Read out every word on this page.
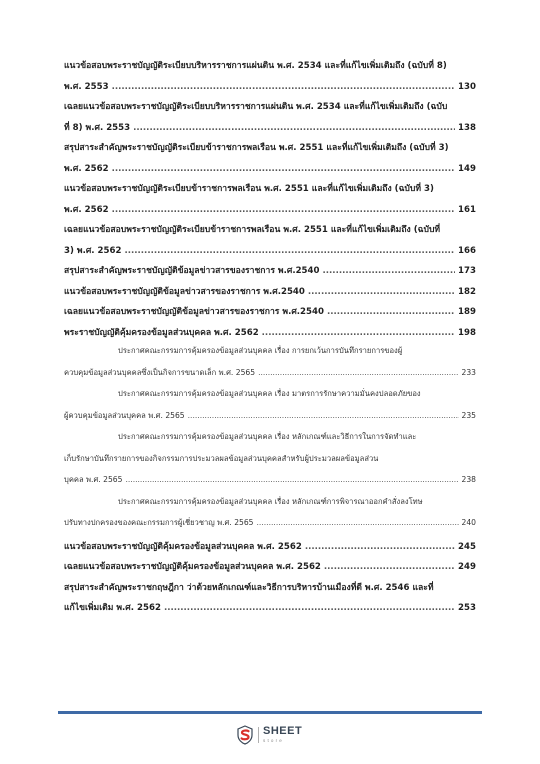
แนวข้อสอบพระราชบัญญัติระเบียบบริหารราชการแผ่นดิน พ.ศ. 2534 และที่แก้ไขเพิ่มเติมถึง (ฉบับที่ 8)
พ.ศ. 2553 .....	130
เฉลยแนวข้อสอบพระราชบัญญัติระเบียบบริหารราชการแผ่นดิน พ.ศ. 2534 และที่แก้ไขเพิ่มเติมถึง (ฉบับ
ที่ 8) พ.ศ. 2553 .....	138
สรุปสาระสำคัญพระราชบัญญัติระเบียบข้าราชการพลเรือน พ.ศ. 2551 และที่แก้ไขเพิ่มเติมถึง (ฉบับที่ 3)
พ.ศ. 2562 .....	149
แนวข้อสอบพระราชบัญญัติระเบียบข้าราชการพลเรือน พ.ศ. 2551 และที่แก้ไขเพิ่มเติมถึง (ฉบับที่ 3)
พ.ศ. 2562 .....	161
เฉลยแนวข้อสอบพระราชบัญญัติระเบียบข้าราชการพลเรือน พ.ศ. 2551 และที่แก้ไขเพิ่มเติมถึง (ฉบับที่
3) พ.ศ. 2562 .....	166
สรุปสาระสำคัญพระราชบัญญัติข้อมูลข่าวสารของราชการ พ.ศ.2540 .....	173
แนวข้อสอบพระราชบัญญัติข้อมูลข่าวสารของราชการ พ.ศ.2540 .....	182
เฉลยแนวข้อสอบพระราชบัญญัติข้อมูลข่าวสารของราชการ พ.ศ.2540 .....	189
พระราชบัญญัติคุ้มครองข้อมูลส่วนบุคคล พ.ศ. 2562 .....	198
ประกาศคณะกรรมการคุ้มครองข้อมูลส่วนบุคคล เรื่อง การยกเว้นการบันทึกรายการของผู้
ควบคุมข้อมูลส่วนบุคคลซึ่งเป็นกิจการขนาดเล็ก พ.ศ. 2565 .....	233
ประกาศคณะกรรมการคุ้มครองข้อมูลส่วนบุคคล เรื่อง มาตรการรักษาความมั่นคงปลอดภัยของ
ผู้ควบคุมข้อมูลส่วนบุคคล พ.ศ. 2565 .....	235
ประกาศคณะกรรมการคุ้มครองข้อมูลส่วนบุคคล เรื่อง หลักเกณฑ์และวิธีการในการจัดทำและ
เก็บรักษาบันทึกรายการของกิจกรรมการประมวลผลข้อมูลส่วนบุคคลสำหรับผู้ประมวลผลข้อมูลส่วน
บุคคล พ.ศ. 2565 .....	238
ประกาศคณะกรรมการคุ้มครองข้อมูลส่วนบุคคล เรื่อง หลักเกณฑ์การพิจารณาออกคำสั่งลงโทษ
ปรับทางปกครองของคณะกรรมการผู้เชี่ยวชาญ พ.ศ. 2565 .....	240
แนวข้อสอบพระราชบัญญัติคุ้มครองข้อมูลส่วนบุคคล พ.ศ. 2562 .....	245
เฉลยแนวข้อสอบพระราชบัญญัติคุ้มครองข้อมูลส่วนบุคคล พ.ศ. 2562 .....	249
สรุปสาระสำคัญพระราชกฤษฎีกา ว่าด้วยหลักเกณฑ์และวิธีการบริหารบ้านเมืองที่ดี พ.ศ. 2546 และที่
แก้ไขเพิ่มเติม พ.ศ. 2562 .....	253
SHEET
store
